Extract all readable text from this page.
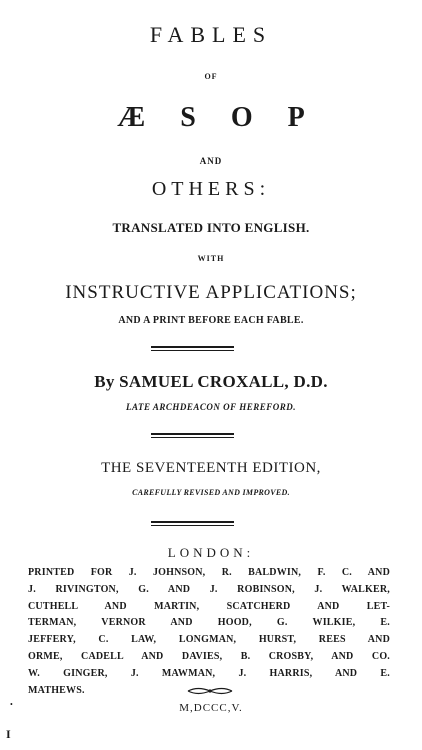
FABLES
OF
Æ S O P
AND
OTHERS:
TRANSLATED INTO ENGLISH.
WITH
INSTRUCTIVE APPLICATIONS;
AND A PRINT BEFORE EACH FABLE.
By SAMUEL CROXALL, D.D.
LATE ARCHDEACON OF HEREFORD.
THE SEVENTEENTH EDITION,
CAREFULLY REVISED AND IMPROVED.
LONDON:
PRINTED FOR J. JOHNSON, R. BALDWIN, F. C. AND
J. RIVINGTON, G. AND J. ROBINSON, J. WALKER,
CUTHELL AND MARTIN, SCATCHERD AND LET-
TERMAN, VERNOR AND HOOD, G. WILKIE, E.
JEFFERY, C. LAW, LONGMAN, HURST, REES AND
ORME, CADELL AND DAVIES, B. CROSBY, AND CO.
W. GINGER, J. MAWMAN, J. HARRIS, AND E.
MATHEWS.
M,DCCC,V.
•
I
